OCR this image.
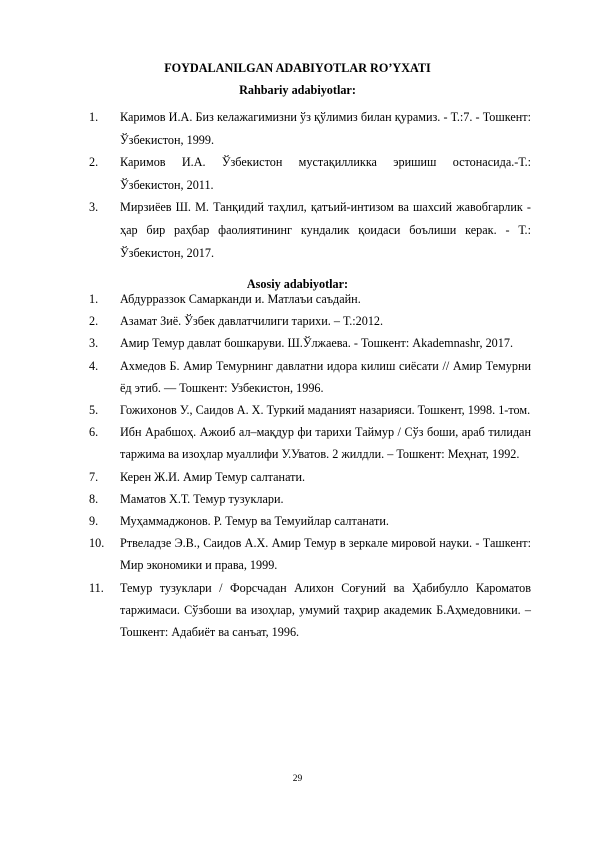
FOYDALANILGAN ADABIYOTLAR RO’YXATI

Rahbariy adabiyotlar:

1.	Каримов И.А. Биз келажагимизни ўз қўлимиз билан қурамиз. - Т.:7. - Тошкент: Ўзбекистон, 1999.
2.	Каримов И.А. Ўзбекистон мустақилликка эришиш остонасида.-Т.: Ўзбекистон, 2011.
3.	Мирзиёев Ш. М. Танқидий таҳлил, қатъий-интизом ва шахсий жавобгарлик - ҳар бир раҳбар фаолиятининг кундалик қоидаси боълиши керак. - Т.: Ўзбекистон, 2017.

Asosiy adabiyotlar:

1.	Абдурраззок Самарканди и. Матлаъи саъдайн.
2.	Азамат Зиё. Ўзбек давлатчилиги тарихи. – Т.:2012.
3.	Амир Темур давлат бошкаруви. Ш.Ўлжаева. - Тошкент: Akademnashr, 2017.
4.	Ахмедов Б. Амир Темурнинг давлатни идора килиш сиёсати // Амир Темурни ёд этиб. — Тошкент: Узбекистон, 1996.
5.	Гожихонов У., Саидов А. Х. Туркий маданият назарияси. Тошкент, 1998. 1-том.
6.	Ибн Арабшоҳ. Ажоиб ал–мақдур фи тарихи Таймур / Сўз боши, араб тилидан таржима ва изоҳлар муаллифи У.Уватов. 2 жилдли. – Тошкент: Меҳнат, 1992.
7.	Керен Ж.И. Амир Темур салтанати.
8.	Маматов Х.Т. Темур тузуклари.
9.	Муҳаммаджонов. Р. Темур ва Темуийлар салтанати.
10.	Ртвеладзе Э.В., Саидов А.Х. Амир Темур в зеркале мировой науки. - Ташкент: Мир экономики и права, 1999.
11.	Темур тузуклари / Форсчадан Алихон Соғуний ва Ҳабибулло Кароматов таржимаси. Сўзбоши ва изоҳлар, умумий таҳрир академик Б.Аҳмедовники. – Тошкент: Адабиёт ва санъат, 1996.

29
